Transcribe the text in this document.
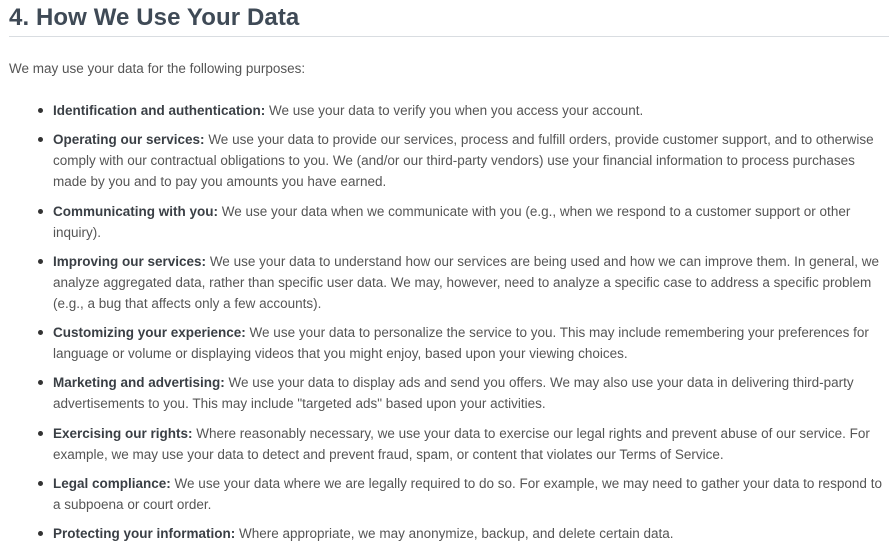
4. How We Use Your Data

We may use your data for the following purposes:

Identification and authentication: We use your data to verify you when you access your account.
Operating our services: We use your data to provide our services, process and fulfill orders, provide customer support, and to otherwise comply with our contractual obligations to you. We (and/or our third-party vendors) use your financial information to process purchases made by you and to pay you amounts you have earned.
Communicating with you: We use your data when we communicate with you (e.g., when we respond to a customer support or other inquiry).
Improving our services: We use your data to understand how our services are being used and how we can improve them. In general, we analyze aggregated data, rather than specific user data. We may, however, need to analyze a specific case to address a specific problem (e.g., a bug that affects only a few accounts).
Customizing your experience: We use your data to personalize the service to you. This may include remembering your preferences for language or volume or displaying videos that you might enjoy, based upon your viewing choices.
Marketing and advertising: We use your data to display ads and send you offers. We may also use your data in delivering third-party advertisements to you. This may include "targeted ads" based upon your activities.
Exercising our rights: Where reasonably necessary, we use your data to exercise our legal rights and prevent abuse of our service. For example, we may use your data to detect and prevent fraud, spam, or content that violates our Terms of Service.
Legal compliance: We use your data where we are legally required to do so. For example, we may need to gather your data to respond to a subpoena or court order.
Protecting your information: Where appropriate, we may anonymize, backup, and delete certain data.
